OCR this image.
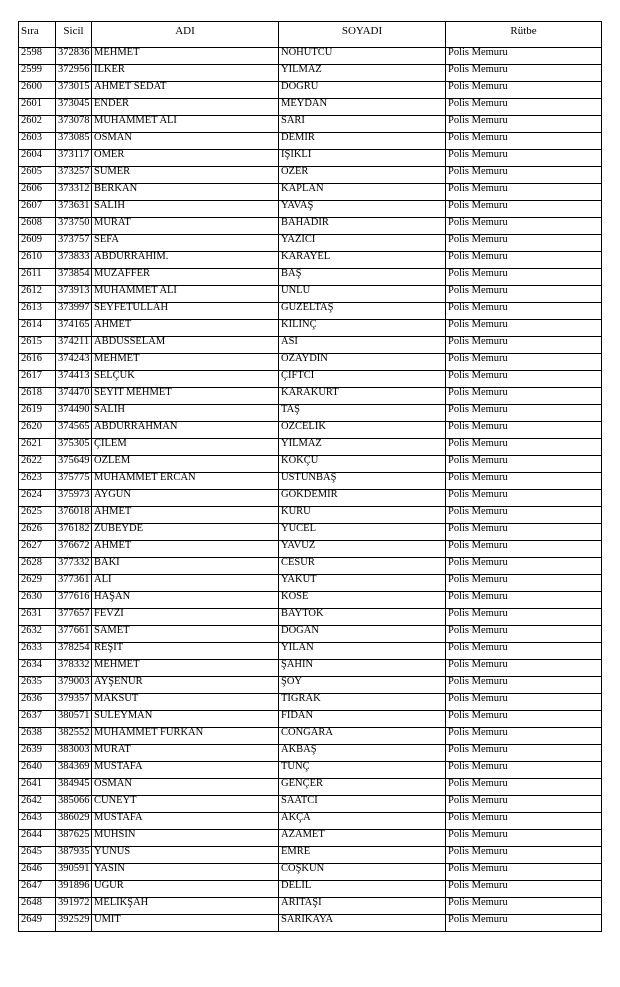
Sıra	Sicil	ADI	SOYADI	Rütbe
2598	372836	MEHMET	NOHUTCU	Polis Memuru
2599	372956	ILKER	YILMAZ	Polis Memuru
2600	373015	AHMET SEDAT	DOGRU	Polis Memuru
2601	373045	ENDER	MEYDAN	Polis Memuru
2602	373078	MUHAMMET ALI	SARI	Polis Memuru
2603	373085	OSMAN	DEMIR	Polis Memuru
2604	373117	OMER	IŞIKLI	Polis Memuru
2605	373257	SUMER	OZER	Polis Memuru
2606	373312	BERKAN	KAPLAN	Polis Memuru
2607	373631	SALIH	YAVAŞ	Polis Memuru
2608	373750	MURAT	BAHADIR	Polis Memuru
2609	373757	SEFA	YAZICI	Polis Memuru
2610	373833	ABDURRAHIM.	KARAYEL	Polis Memuru
2611	373854	MUZAFFER	BAŞ	Polis Memuru
2612	373913	MUHAMMET ALI	UNLU	Polis Memuru
2613	373997	SEYFETULLAH	GUZELTAŞ	Polis Memuru
2614	374165	AHMET	KILINÇ	Polis Memuru
2615	374211	ABDUSSELAM	ASI	Polis Memuru
2616	374243	MEHMET	OZAYDIN	Polis Memuru
2617	374413	SELÇUK	ÇIFTCI	Polis Memuru
2618	374470	SEYIT MEHMET	KARAKURT	Polis Memuru
2619	374490	SALIH	TAŞ	Polis Memuru
2620	374565	ABDURRAHMAN	OZCELIK	Polis Memuru
2621	375305	ÇILEM	YILMAZ	Polis Memuru
2622	375649	OZLEM	KOKÇU	Polis Memuru
2623	375775	MUHAMMET ERCAN	USTUNBAŞ	Polis Memuru
2624	375973	AYGUN	GOKDEMIR	Polis Memuru
2625	376018	AHMET	KURU	Polis Memuru
2626	376182	ZUBEYDE	YUCEL	Polis Memuru
2627	376672	AHMET	YAVUZ	Polis Memuru
2628	377332	BAKI	CESUR	Polis Memuru
2629	377361	ALI	YAKUT	Polis Memuru
2630	377616	HAŞAN	KOSE	Polis Memuru
2631	377657	FEVZI	BAYTOK	Polis Memuru
2632	377661	SAMET	DOGAN	Polis Memuru
2633	378254	REŞIT	YILAN	Polis Memuru
2634	378332	MEHMET	ŞAHIN	Polis Memuru
2635	379003	AYŞENUR	ŞOY	Polis Memuru
2636	379357	MAKSUT	TIGRAK	Polis Memuru
2637	380571	SULEYMAN	FIDAN	Polis Memuru
2638	382552	MUHAMMET FURKAN	CONGARA	Polis Memuru
2639	383003	MURAT	AKBAŞ	Polis Memuru
2640	384369	MUSTAFA	TUNÇ	Polis Memuru
2641	384945	OSMAN	GENÇER	Polis Memuru
2642	385066	CUNEYT	SAATCI	Polis Memuru
2643	386029	MUSTAFA	AKÇA	Polis Memuru
2644	387625	MUHSIN	AZAMET	Polis Memuru
2645	387935	YUNUS	EMRE	Polis Memuru
2646	390591	YASIN	COŞKUN	Polis Memuru
2647	391896	UGUR	DELIL	Polis Memuru
2648	391972	MELIKŞAH	ARITAŞI	Polis Memuru
2649	392529	UMIT	SARIKAYA	Polis Memuru
